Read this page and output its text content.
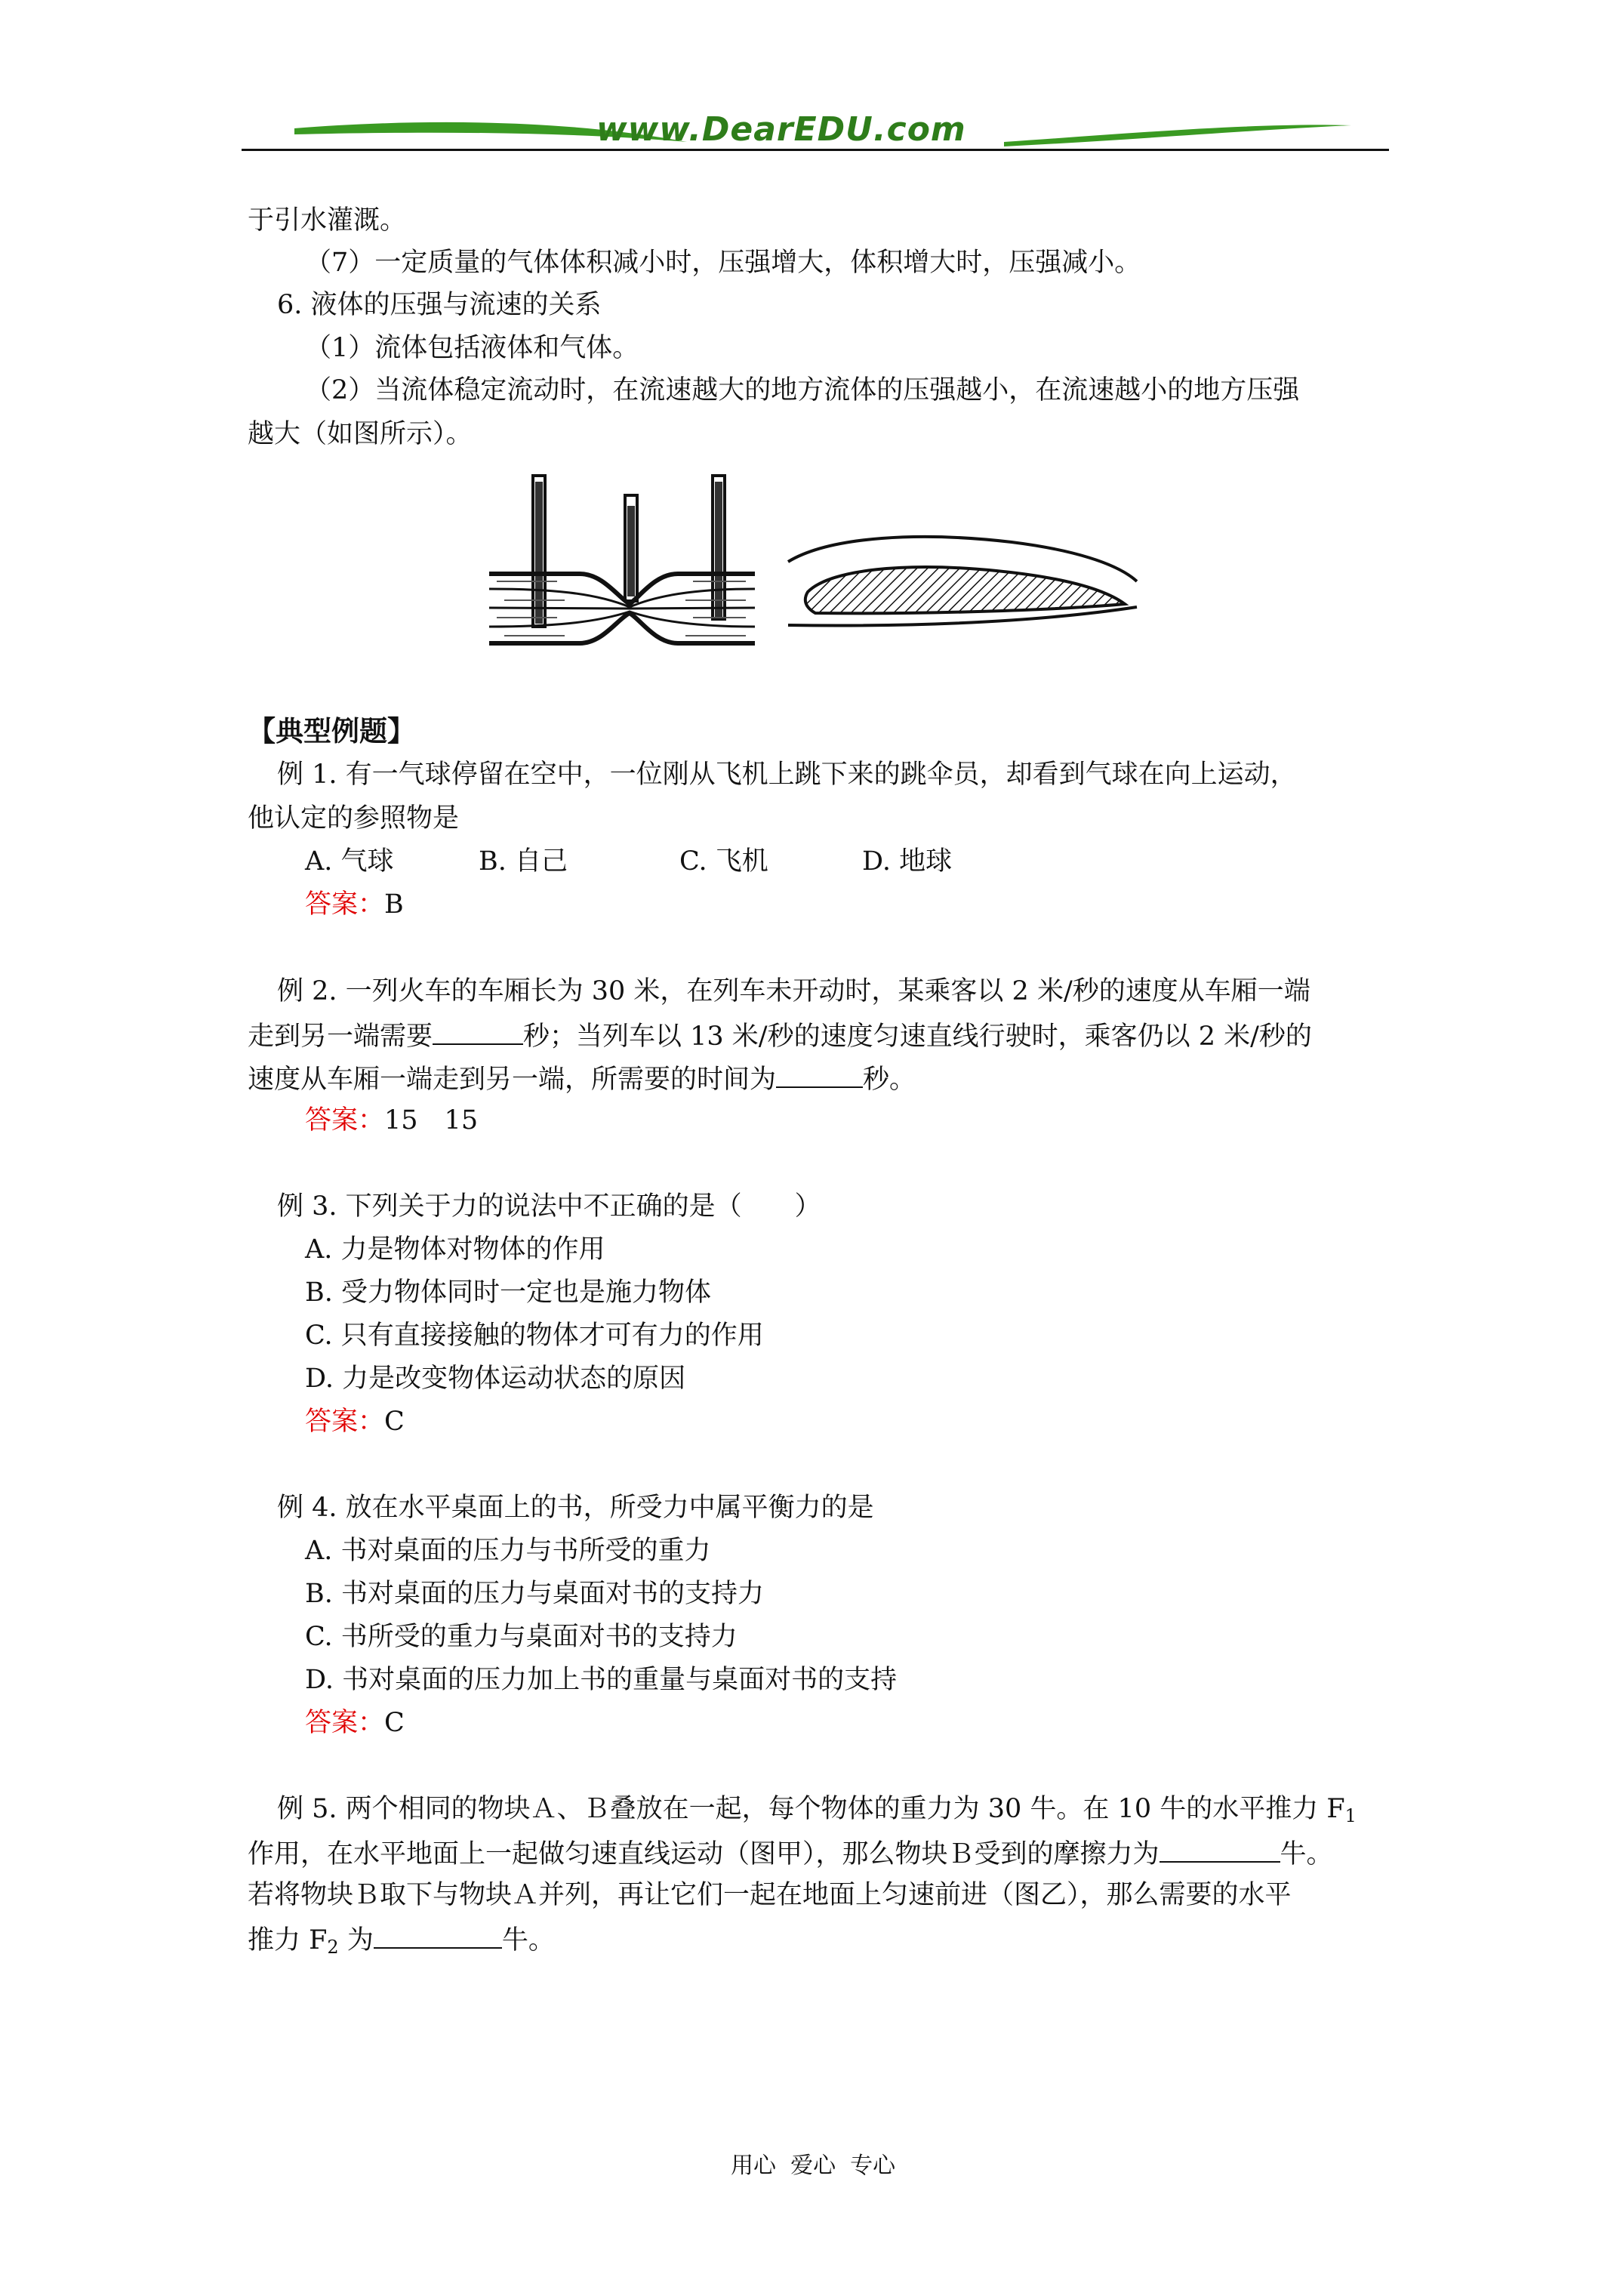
www.DearEDU.com
于引水灌溉。
（7）一定质量的气体体积减小时，压强增大，体积增大时，压强减小。
6. 液体的压强与流速的关系
（1）流体包括液体和气体。
（2）当流体稳定流动时，在流速越大的地方流体的压强越小，在流速越小的地方压强
越大（如图所示）。
【典型例题】
例 1. 有一气球停留在空中，一位刚从飞机上跳下来的跳伞员，却看到气球在向上运动，
他认定的参照物是
A. 气球	B. 自己	C. 飞机	D. 地球
答案：B
例 2. 一列火车的车厢长为 30 米，在列车未开动时，某乘客以 2 米/秒的速度从车厢一端
走到另一端需要	秒；当列车以 13 米/秒的速度匀速直线行驶时，乘客仍以 2 米/秒的
速度从车厢一端走到另一端，所需要的时间为	秒。
答案：15　15
例 3. 下列关于力的说法中不正确的是（　　）
A. 力是物体对物体的作用
B. 受力物体同时一定也是施力物体
C. 只有直接接触的物体才可有力的作用
D. 力是改变物体运动状态的原因
答案：C
例 4. 放在水平桌面上的书，所受力中属平衡力的是
A. 书对桌面的压力与书所受的重力
B. 书对桌面的压力与桌面对书的支持力
C. 书所受的重力与桌面对书的支持力
D. 书对桌面的压力加上书的重量与桌面对书的支持
答案：C
例 5. 两个相同的物块Ａ、Ｂ叠放在一起，每个物体的重力为 30 牛。在 10 牛的水平推力 $F_1$
作用，在水平地面上一起做匀速直线运动（图甲），那么物块Ｂ受到的摩擦力为	牛。
若将物块Ｂ取下与物块Ａ并列，再让它们一起在地面上匀速前进（图乙），那么需要的水平
推力 $F_2$ 为	牛。
用心  爱心  专心
